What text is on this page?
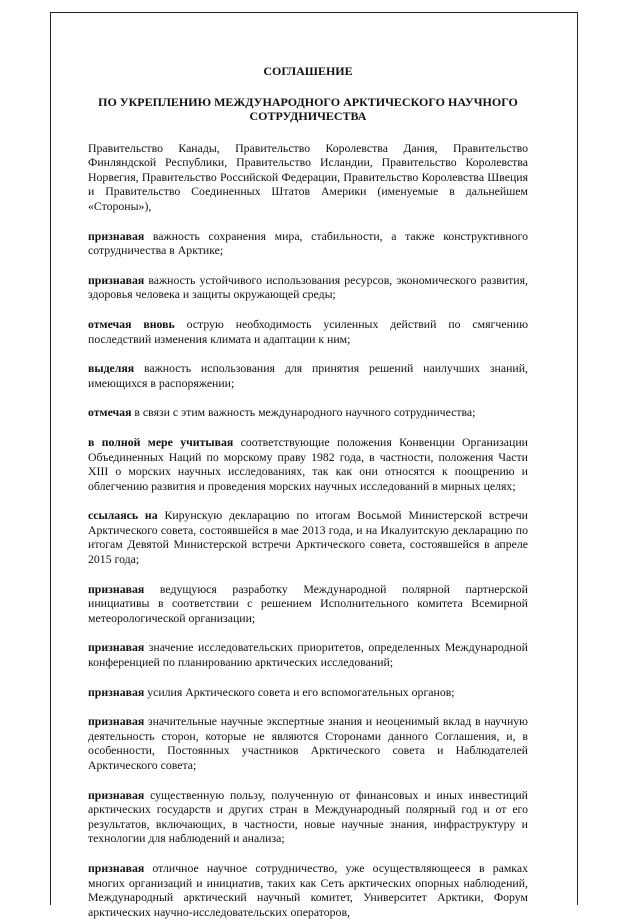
СОГЛАШЕНИЕ
ПО УКРЕПЛЕНИЮ МЕЖДУНАРОДНОГО АРКТИЧЕСКОГО НАУЧНОГО СОТРУДНИЧЕСТВА

Правительство Канады, Правительство Королевства Дания, Правительство Финляндской Республики, Правительство Исландии, Правительство Королевства Норвегия, Правительство Российской Федерации, Правительство Королевства Швеция и Правительство Соединенных Штатов Америки (именуемые в дальнейшем «Стороны»),

признавая важность сохранения мира, стабильности, а также конструктивного сотрудничества в Арктике;

признавая важность устойчивого использования ресурсов, экономического развития, здоровья человека и защиты окружающей среды;

отмечая вновь острую необходимость усиленных действий по смягчению последствий изменения климата и адаптации к ним;

выделяя важность использования для принятия решений наилучших знаний, имеющихся в распоряжении;

отмечая в связи с этим важность международного научного сотрудничества;

в полной мере учитывая соответствующие положения Конвенции Организации Объединенных Наций по морскому праву 1982 года, в частности, положения Части XIII о морских научных исследованиях, так как они относятся к поощрению и облегчению развития и проведения морских научных исследований в мирных целях;

ссылаясь на Кирунскую декларацию по итогам Восьмой Министерской встречи Арктического совета, состоявшейся в мае 2013 года, и на Икалуитскую декларацию по итогам Девятой Министерской встречи Арктического совета, состоявшейся в апреле 2015 года;

признавая ведущуюся разработку Международной полярной партнерской инициативы в соответствии с решением Исполнительного комитета Всемирной метеорологической организации;

признавая значение исследовательских приоритетов, определенных Международной конференцией по планированию арктических исследований;

признавая усилия Арктического совета и его вспомогательных органов;

признавая значительные научные экспертные знания и неоценимый вклад в научную деятельность сторон, которые не являются Сторонами данного Соглашения, и, в особенности, Постоянных участников Арктического совета и Наблюдателей Арктического совета;

признавая существенную пользу, полученную от финансовых и иных инвестиций арктических государств и других стран в Международный полярный год и от его результатов, включающих, в частности, новые научные знания, инфраструктуру и технологии для наблюдений и анализа;

признавая отличное научное сотрудничество, уже осуществляющееся в рамках многих организаций и инициатив, таких как Сеть арктических опорных наблюдений, Международный арктический научный комитет, Университет Арктики, Форум арктических научно-исследовательских операторов,
